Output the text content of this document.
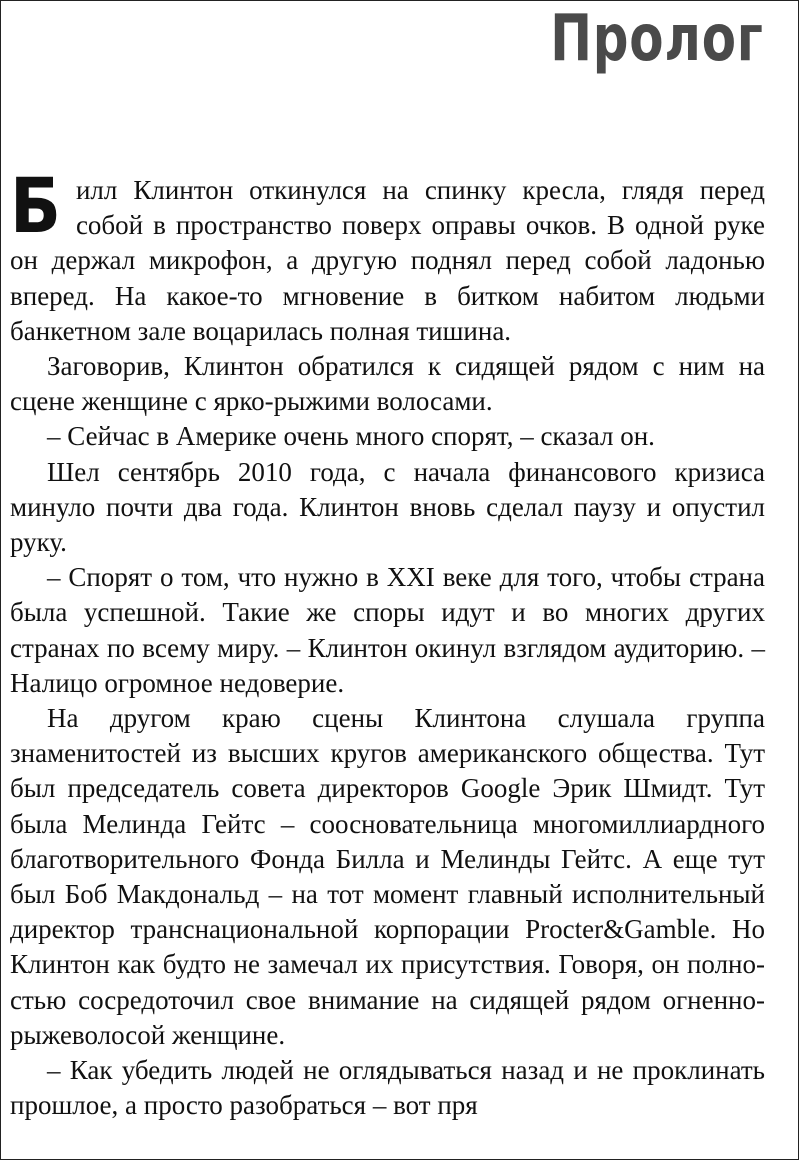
Пролог

Билл Клинтон откинулся на спинку кресла, глядя перед собой в пространство поверх оправы очков. В одной руке он держал микрофон, а другую поднял перед собой ладонью вперед. На какое-то мгновение в битком набитом людьми банкетном зале воцарилась полная тишина.

Заговорив, Клинтон обратился к сидящей рядом с ним на сцене женщине с ярко-рыжими волосами.

– Сейчас в Америке очень много спорят, – сказал он.

Шел сентябрь 2010 года, с начала финансового кризиса минуло почти два года. Клинтон вновь сделал паузу и опустил руку.

– Спорят о том, что нужно в XXI веке для того, чтобы страна была успешной. Такие же споры идут и во многих других странах по всему миру. – Клинтон окинул взглядом аудиторию. – Налицо огромное недоверие.

На другом краю сцены Клинтона слушала группа знаменитостей из высших кругов американского общества. Тут был председатель совета директоров Google Эрик Шмидт. Тут была Мелинда Гейтс – соосновательница многомиллиардного благотворительного Фонда Билла и Мелинды Гейтс. А еще тут был Боб Макдональд – на тот момент главный исполнительный директор транснациональной корпорации Procter&Gamble. Но Клинтон как будто не замечал их присутствия. Говоря, он полностью сосредоточил свое внимание на сидящей рядом огненно-рыжеволосой женщине.

– Как убедить людей не оглядываться назад и не проклинать прошлое, а просто разобраться – вот пря
